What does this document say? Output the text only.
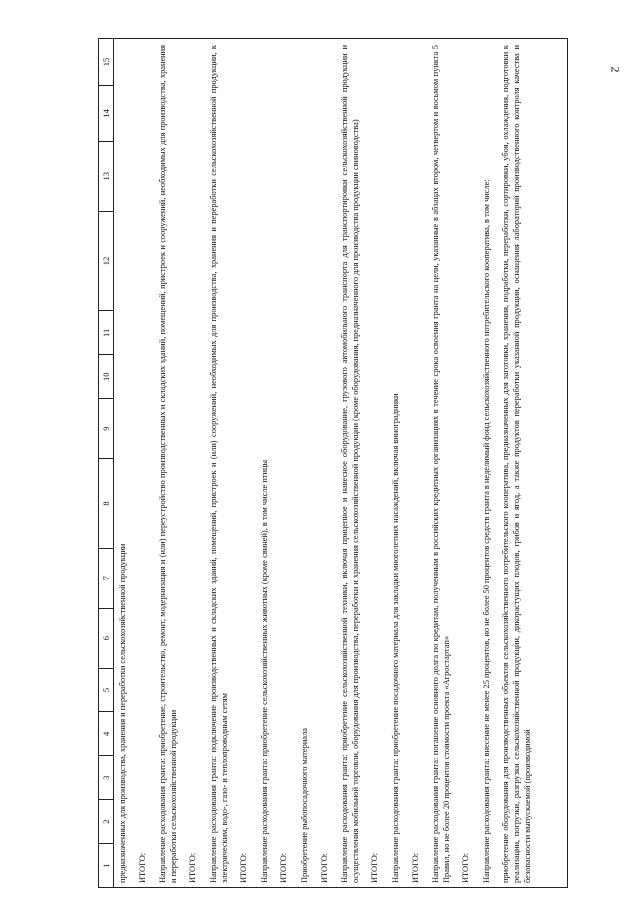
2
1
2
3
4
5
6
7
8
9
10
11
12
13
14
15
предназначенных для производства, хранения и переработки сельскохозяйственной продукции ИТОГО: Направление расходования гранта: приобретение, строительство, ремонт, модернизация и (или) переустройство производственных и складских зданий, помещений, пристроек и сооружений, необходимых для производства, хранения и переработки сельскохозяйственной продукции ИТОГО: Направление расходования гранта: подключение производственных и складских зданий, помещений, пристроек и (или) сооружений, необходимых для производства, хранения и переработки сельскохозяйственной продукции, к электрическим, водо-, газо- и теплопроводным сетям ИТОГО: Направление расходования гранта: приобретение сельскохозяйственных животных (кроме свиней), в том числе птицы ИТОГО: Приобретение рыбопосадочного материала ИТОГО: Направление расходования гранта: приобретение сельскохозяйственной техники, включая прицепное и навесное оборудование, грузового автомобильного транспорта для транспортировки сельскохозяйственной продукции и осуществления мобильной торговли, оборудования для производства, переработки и хранения сельскохозяйственной продукции (кроме оборудования, предназначенного для производства продукции свиноводства) ИТОГО: Направление расходования гранта: приобретение посадочного материала для закладки многолетних насаждений, включая виноградники ИТОГО: Направление расходования гранта: погашение основного долга по кредитам, полученным в российских кредитных организациях в течение срока освоения гранта на цели, указанные в абзацах втором, четвертом и восьмом пункта 5 Правил, но не более 20 процентов стоимости проекта «Агростартап» ИТОГО: Направление расходования гранта: внесение не менее 25 процентов, но не более 50 процентов средств гранта в неделимый фонд сельскохозяйственного потребительского кооператива, в том числе: приобретение оборудования для производственных объектов сельскохозяйственного потребительского кооператива, предназначенных для заготовки, хранения, подработки, переработки, сортировки, убоя, охлаждения, подготовки к реализации, погрузки, разгрузки сельскохозяйственной продукции, дикорастущих плодов, грибов и ягод, а также продуктов переработки указанной продукции, оснащения лабораторий производственного контроля качества и безопасности выпускаемой (производимой
